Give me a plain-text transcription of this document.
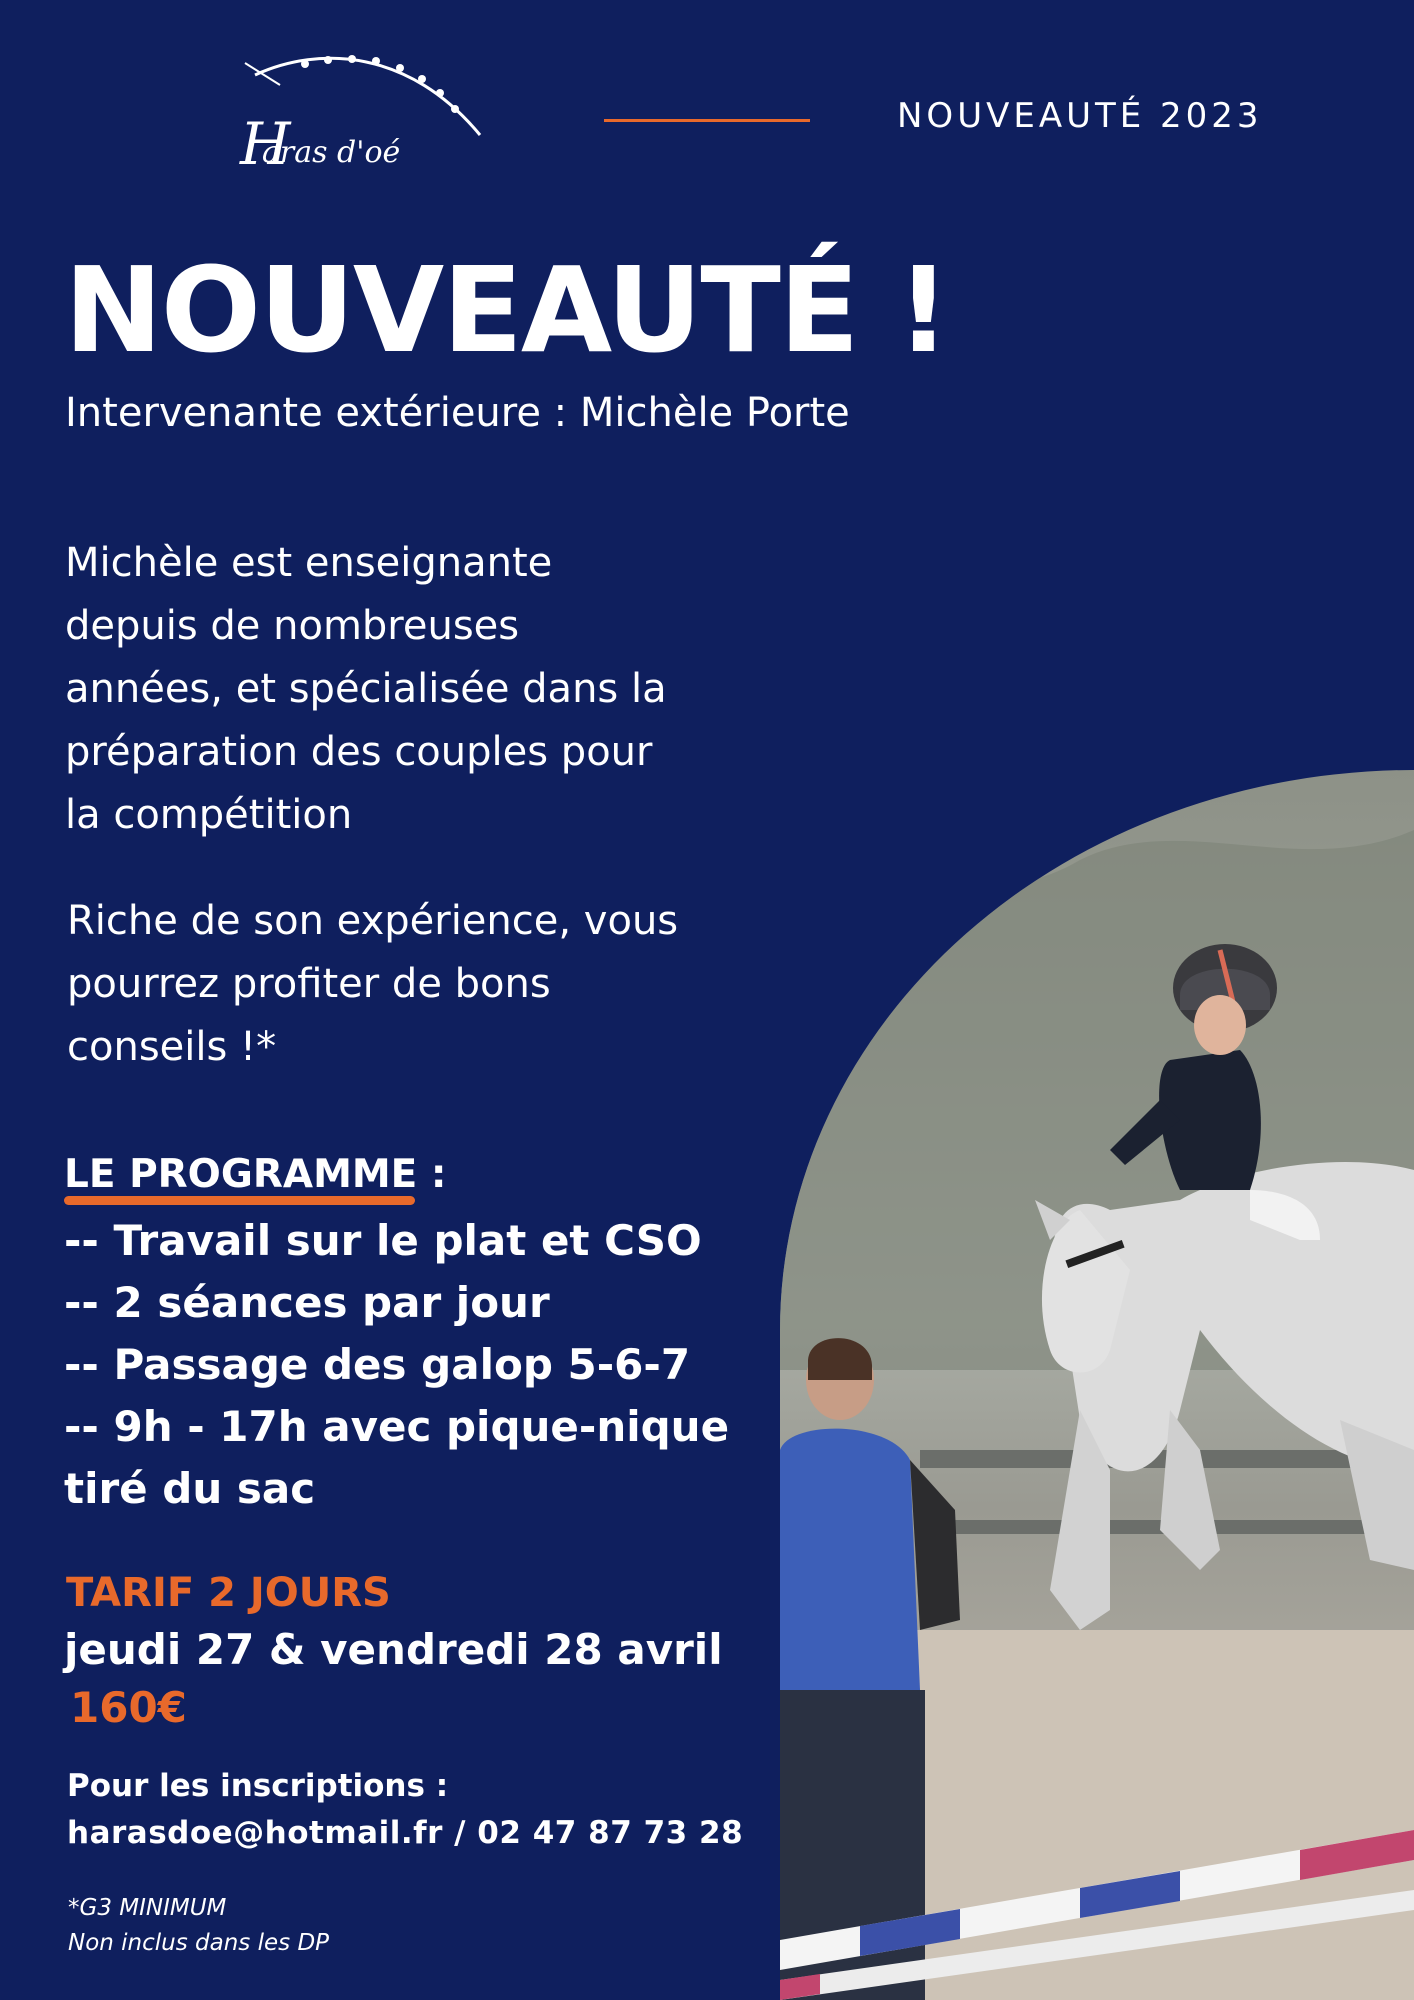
H
aras d'oé
NOUVEAUTÉ 2023
NOUVEAUTÉ !
Intervenante extérieure : Michèle Porte
Michèle est enseignante
depuis de nombreuses
années, et spécialisée dans la
préparation des couples pour
la compétition
Riche de son expérience, vous
pourrez profiter de bons
conseils !*
LE PROGRAMME :
-- Travail sur le plat et CSO
-- 2 séances par jour
-- Passage des galop 5-6-7
-- 9h - 17h avec pique-nique
tiré du sac
TARIF 2 JOURS
jeudi 27 & vendredi 28 avril
160€
Pour les inscriptions :
harasdoe@hotmail.fr / 02 47 87 73 28
*G3 MINIMUM
Non inclus dans les DP
